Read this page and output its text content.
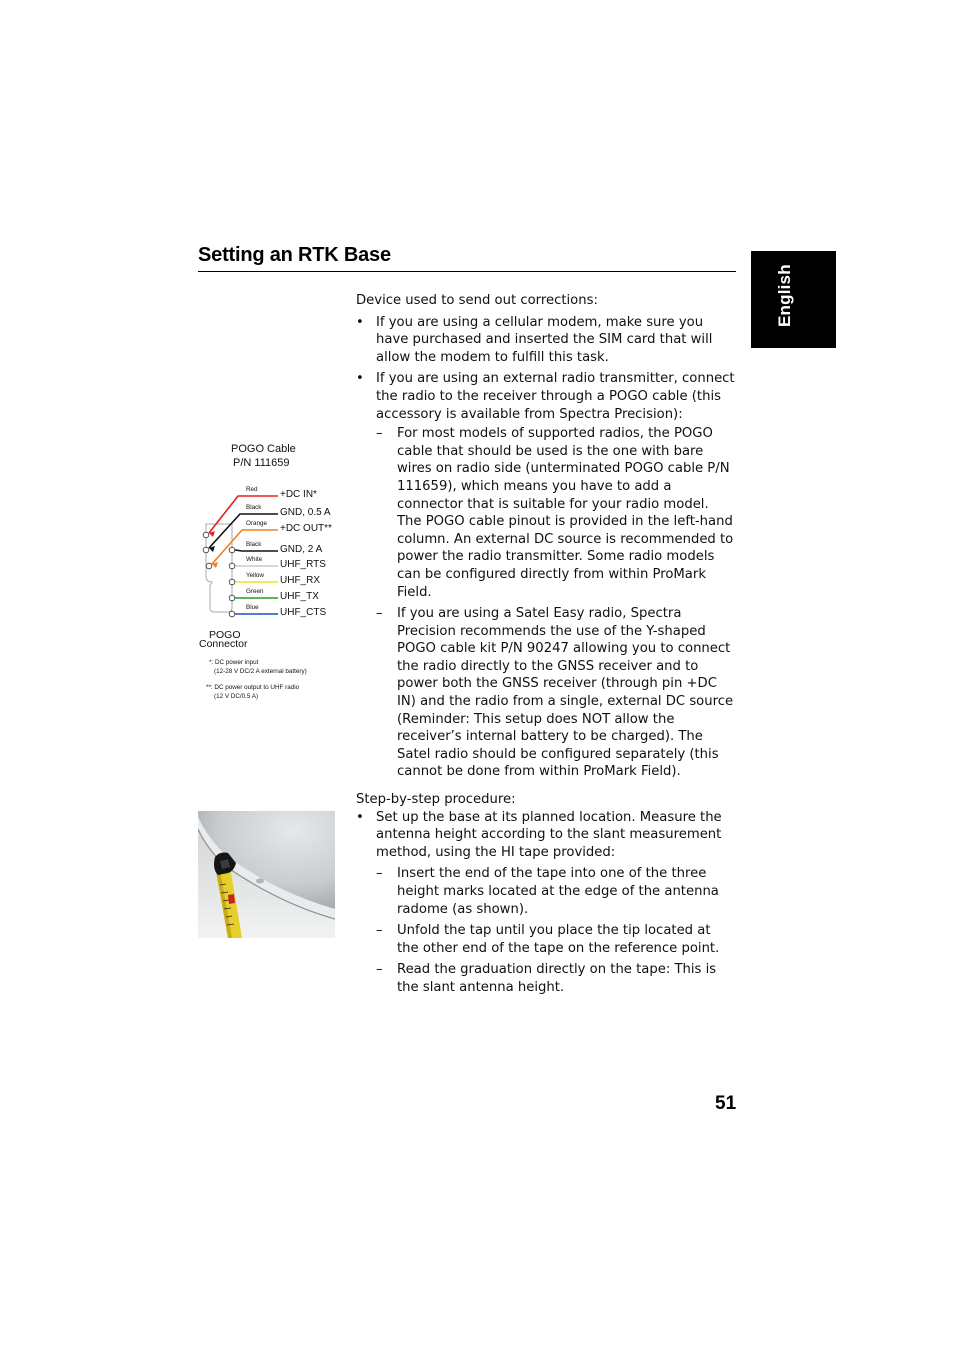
Setting an RTK Base
English
POGO Cable
P/N 111659
POGO
Connector
*: DC power input
(12-28 V DC/2 A external battery)
**: DC power output to UHF radio
(12 V DC/0.5 A)
Red +DC IN*
Black GND, 0.5 A
Orange +DC OUT**
Black GND, 2 A
White UHF_RTS
Yellow UHF_RX
Green UHF_TX
Blue UHF_CTS

Device used to send out corrections:

• If you are using a cellular modem, make sure you have purchased and inserted the SIM card that will allow the modem to fulfill this task.
• If you are using an external radio transmitter, connect the radio to the receiver through a POGO cable (this accessory is available from Spectra Precision):
– For most models of supported radios, the POGO cable that should be used is the one with bare wires on radio side (unterminated POGO cable P/N 111659), which means you have to add a connector that is suitable for your radio model. The POGO cable pinout is provided in the left-hand column. An external DC source is recommended to power the radio transmitter. Some radio models can be configured directly from within ProMark Field.
– If you are using a Satel Easy radio, Spectra Precision recommends the use of the Y-shaped POGO cable kit P/N 90247 allowing you to connect the radio directly to the GNSS receiver and to power both the GNSS receiver (through pin +DC IN) and the radio from a single, external DC source (Reminder: This setup does NOT allow the receiver’s internal battery to be charged). The Satel radio should be configured separately (this cannot be done from within ProMark Field).

Step-by-step procedure:

• Set up the base at its planned location. Measure the antenna height according to the slant measurement method, using the HI tape provided:
– Insert the end of the tape into one of the three height marks located at the edge of the antenna radome (as shown).
– Unfold the tap until you place the tip located at the other end of the tape on the reference point.
– Read the graduation directly on the tape: This is the slant antenna height.
51
